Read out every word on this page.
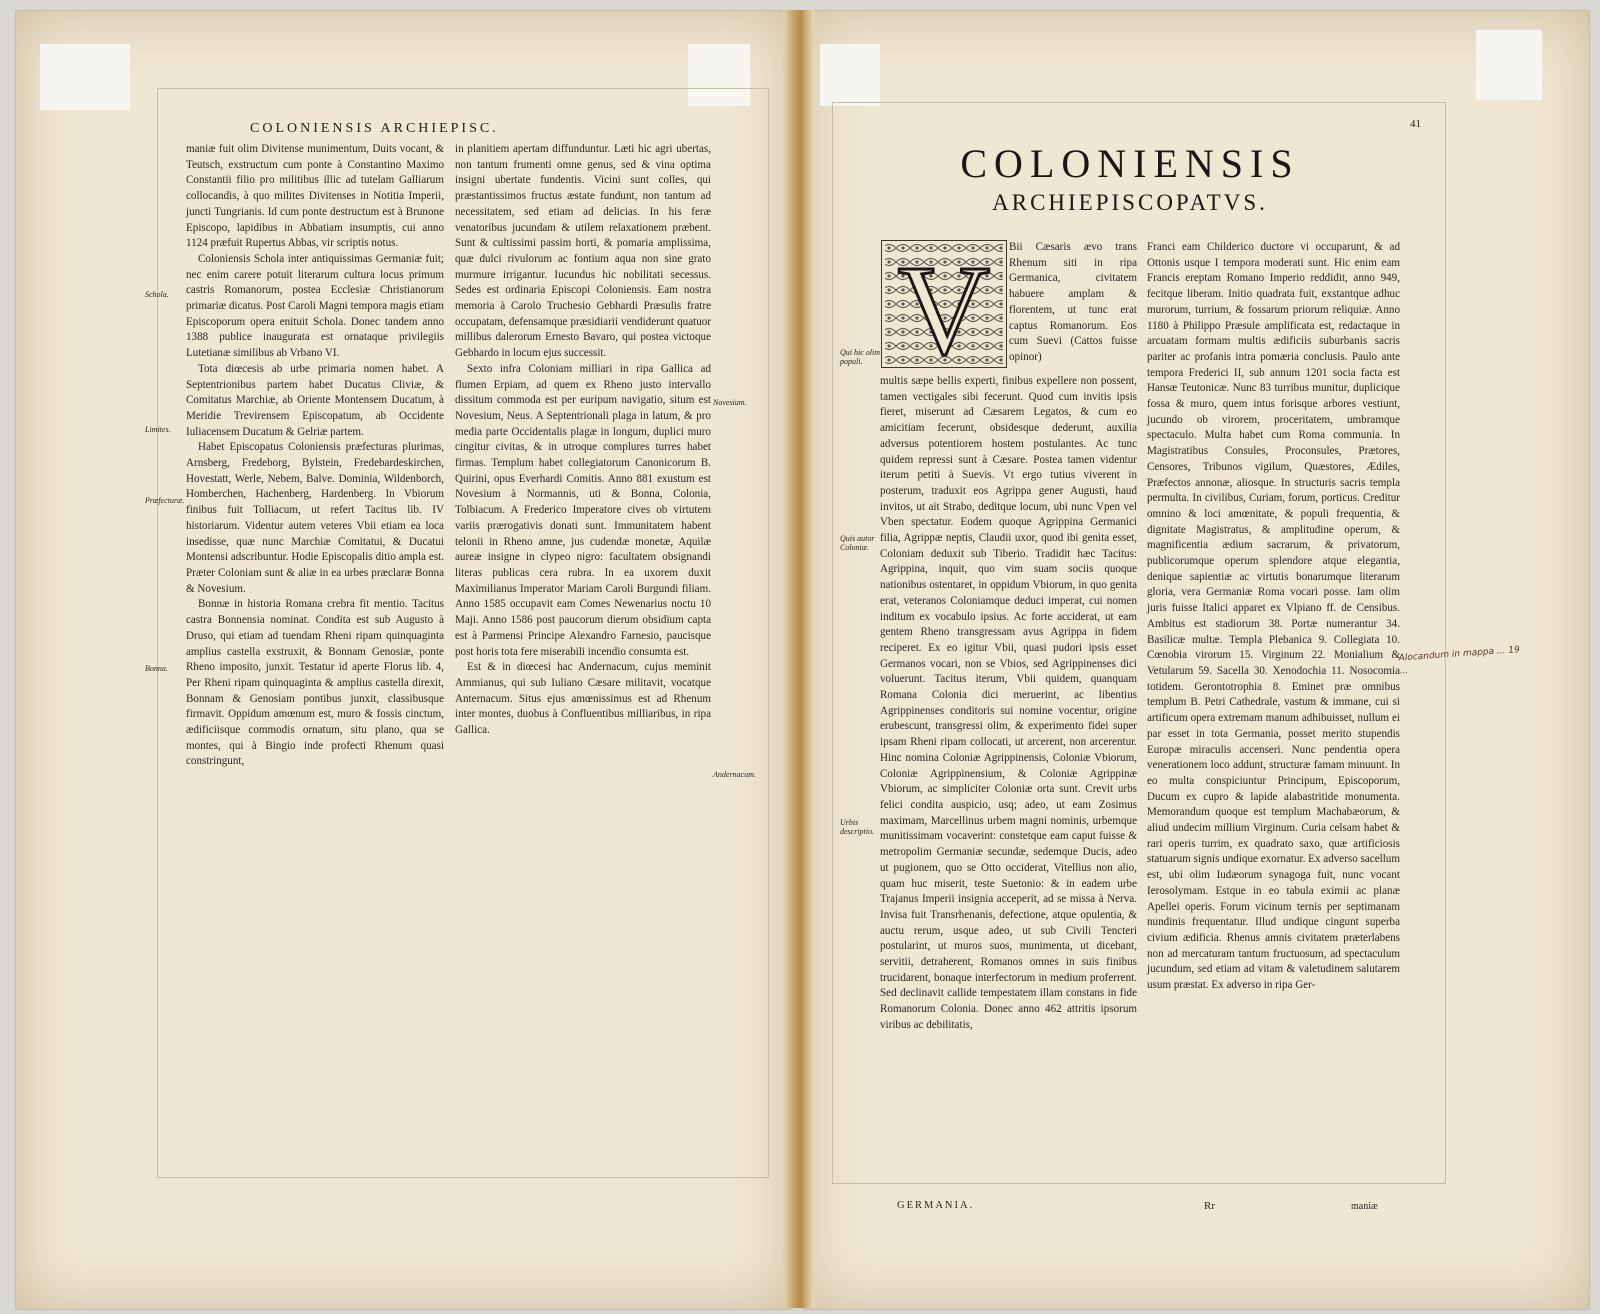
COLONIENSIS ARCHIEPISC.

maniæ fuit olim Divitense munimentum, Duits vocant, & Teutsch, exstructum cum ponte à Constantino Maximo Constantii filio pro militibus illic ad tutelam Galliarum collocandis, à quo milites Divitenses in Notitia Imperii, juncti Tungrianis. Id cum ponte destructum est à Brunone Episcopo, lapidibus in Abbatiam insumptis, cui anno 1124 præfuit Rupertus Abbas, vir scriptis notus.

Coloniensis Schola inter antiquissimas Germaniæ fuit; nec enim carere potuit literarum cultura locus primum castris Romanorum, postea Ecclesiæ Christianorum primariæ dicatus. Post Caroli Magni tempora magis etiam Episcoporum opera enituit Schola. Donec tandem anno 1388 publice inaugurata est ornataque privilegiis Lutetianæ similibus ab Vrbano VI.

Tota diœcesis ab urbe primaria nomen habet. A Septentrionibus partem habet Ducatus Cliviæ, & Comitatus Marchiæ, ab Oriente Montensem Ducatum, à Meridie Trevirensem Episcopatum, ab Occidente Iuliacensem Ducatum & Gelriæ partem.

Habet Episcopatus Coloniensis præfecturas plurimas, Arnsberg, Fredeborg, Bylstein, Fredebardeskirchen, Hovestatt, Werle, Nebem, Balve. Dominia, Wildenborch, Homberchen, Hachenberg, Hardenberg. In Vbiorum finibus fuit Tolliacum, ut refert Tacitus lib. IV historiarum. Videntur autem veteres Vbii etiam ea loca insedisse, quæ nunc Marchiæ Comitatui, & Ducatui Montensi adscribuntur. Hodie Episcopalis ditio ampla est. Præter Coloniam sunt & aliæ in ea urbes præclaræ Bonna & Novesium.

Bonnæ in historia Romana crebra fit mentio. Tacitus castra Bonnensia nominat. Condita est sub Augusto à Druso, qui etiam ad tuendam Rheni ripam quinquaginta amplius castella exstruxit, & Bonnam Genosiæ, ponte Rheno imposito, junxit. Testatur id aperte Florus lib. 4, Per Rheni ripam quinquaginta & amplius castella direxit, Bonnam & Genosiam pontibus junxit, classibusque firmavit. Oppidum amœnum est, muro & fossis cinctum, ædificiisque commodis ornatum, situ plano, qua se montes, qui à Bingio inde profecti Rhenum quasi constringunt,

in planitiem apertam diffunduntur. Læti hic agri ubertas, non tantum frumenti omne genus, sed & vina optima insigni ubertate fundentis. Vicini sunt colles, qui præstantissimos fructus æstate fundunt, non tantum ad necessitatem, sed etiam ad delicias. In his feræ venatoribus jucundam & utilem relaxationem præbent. Sunt & cultissimi passim horti, & pomaria amplissima, quæ dulci rivulorum ac fontium aqua non sine grato murmure irrigantur. Iucundus hic nobilitati secessus. Sedes est ordinaria Episcopi Coloniensis. Eam nostra memoria à Carolo Truchesio Gebhardi Præsulis fratre occupatam, defensamque præsidiarii vendiderunt quatuor millibus dalerorum Ernesto Bavaro, qui postea victoque Gebhardo in locum ejus successit.

Sexto infra Coloniam milliari in ripa Gallica ad flumen Erpiam, ad quem ex Rheno justo intervallo dissitum commoda est per euripum navigatio, situm est Novesium, Neus. A Septentrionali plaga in latum, & pro media parte Occidentalis plagæ in longum, duplici muro cingitur civitas, & in utroque complures turres habet firmas. Templum habet collegiatorum Canonicorum B. Quirini, opus Everhardi Comitis. Anno 881 exustum est Novesium à Normannis, uti & Bonna, Colonia, Tolbiacum. A Frederico Imperatore cives ob virtutem variis prærogativis donati sunt. Immunitatem habent telonii in Rheno amne, jus cudendæ monetæ, Aquilæ aureæ insigne in clypeo nigro: facultatem obsignandi literas publicas cera rubra. In ea uxorem duxit Maximilianus Imperator Mariam Caroli Burgundi filiam. Anno 1585 occupavit eam Comes Newenarius noctu 10 Maji. Anno 1586 post paucorum dierum obsidium capta est à Parmensi Principe Alexandro Farnesio, paucisque post horis tota fere miserabili incendio consumta est.

Est & in diœcesi hac Andernacum, cujus meminit Ammianus, qui sub Iuliano Cæsare militavit, vocatque Anternacum. Situs ejus amœnissimus est ad Rhenum inter montes, duobus à Confluentibus milliaribus, in ripa Gallica.

Schola.
Limites.
Præfecturæ.
Bonna.
Novesium.
Andernacum.
41
COLONIENSIS
ARCHIEPISCOPATVS.
V Bii Cæsaris ævo trans Rhenum siti in ripa Germanica, civitatem habuere amplam & florentem, ut tunc erat captus Romanorum. Eos cum Suevi (Cattos fuisse opinor)

multis sæpe bellis experti, finibus expellere non possent, tamen vectigales sibi fecerunt. Quod cum invitis ipsis fieret, miserunt ad Cæsarem Legatos, & cum eo amicitiam fecerunt, obsidesque dederunt, auxilia adversus potentiorem hostem postulantes. Ac tunc quidem repressi sunt à Cæsare. Postea tamen videntur iterum petiti à Suevis. Vt ergo tutius viverent in posterum, traduxit eos Agrippa gener Augusti, haud invitos, ut ait Strabo, deditque locum, ubi nunc Vpen vel Vben spectatur. Eodem quoque Agrippina Germanici filia, Agrippæ neptis, Claudii uxor, quod ibi genita esset, Coloniam deduxit sub Tiberio. Tradidit hæc Tacitus: Agrippina, inquit, quo vim suam sociis quoque nationibus ostentaret, in oppidum Vbiorum, in quo genita erat, veteranos Coloniamque deduci imperat, cui nomen inditum ex vocabulo ipsius. Ac forte acciderat, ut eam gentem Rheno transgressam avus Agrippa in fidem reciperet. Ex eo igitur Vbii, quasi pudori ipsis esset Germanos vocari, non se Vbios, sed Agrippinenses dici voluerunt. Tacitus iterum, Vbii quidem, quanquam Romana Colonia dici meruerint, ac libentius Agrippinenses conditoris sui nomine vocentur, origine erubescunt, transgressi olim, & experimento fidei super ipsam Rheni ripam collocati, ut arcerent, non arcerentur. Hinc nomina Coloniæ Agrippinensis, Coloniæ Vbiorum, Coloniæ Agrippinensium, & Coloniæ Agrippinæ Vbiorum, ac simpliciter Coloniæ orta sunt. Crevit urbs felici condita auspicio, usq; adeo, ut eam Zosimus maximam, Marcellinus urbem magni nominis, urbemque munitissimam vocaverint: constetque eam caput fuisse & metropolim Germaniæ secundæ, sedemque Ducis, adeo ut pugionem, quo se Otto occiderat, Vitellius non alio, quam huc miserit, teste Suetonio: & in eadem urbe Trajanus Imperii insignia acceperit, ad se missa à Nerva. Invisa fuit Transrhenanis, defectione, atque opulentia, & auctu rerum, usque adeo, ut sub Civili Tencteri postularint, ut muros suos, munimenta, ut dicebant, servitii, detraherent, Romanos omnes in suis finibus trucidarent, bonaque interfectorum in medium proferrent. Sed declinavit callide tempestatem illam constans in fide Romanorum Colonia. Donec anno 462 attritis ipsorum viribus ac debilitatis,

Franci eam Childerico ductore vi occuparunt, & ad Ottonis usque I tempora moderati sunt. Hic enim eam Francis ereptam Romano Imperio reddidit, anno 949, fecitque liberam. Initio quadrata fuit, exstantque adhuc murorum, turrium, & fossarum priorum reliquiæ. Anno 1180 à Philippo Præsule amplificata est, redactaque in arcuatam formam multis ædificiis suburbanis sacris pariter ac profanis intra pomæria conclusis. Paulo ante tempora Frederici II, sub annum 1201 socia facta est Hansæ Teutonicæ. Nunc 83 turribus munitur, duplicique fossa & muro, quem intus forisque arbores vestiunt, jucundo ob virorem, proceritatem, umbramque spectaculo. Multa habet cum Roma communia. In Magistratibus Consules, Proconsules, Prætores, Censores, Tribunos vigilum, Quæstores, Ædiles, Præfectos annonæ, aliosque. In structuris sacris templa permulta. In civilibus, Curiam, forum, porticus. Creditur omnino & loci amœnitate, & populi frequentia, & dignitate Magistratus, & amplitudine operum, & magnificentia ædium sacrarum, & privatorum, publicorumque operum splendore atque elegantia, denique sapientiæ ac virtutis bonarumque literarum gloria, vera Germaniæ Roma vocari posse. Iam olim juris fuisse Italici apparet ex Vlpiano ff. de Censibus. Ambitus est stadiorum 38. Portæ numerantur 34. Basilicæ multæ. Templa Plebanica 9. Collegiata 10. Cœnobia virorum 15. Virginum 22. Monialium & Vetularum 59. Sacella 30. Xenodochia 11. Nosocomia totidem. Gerontotrophia 8. Eminet præ omnibus templum B. Petri Cathedrale, vastum & immane, cui si artificum opera extremam manum adhibuisset, nullum ei par esset in tota Germania, posset merito stupendis Europæ miraculis accenseri. Nunc pendentia opera venerationem loco addunt, structuræ famam minuunt. In eo multa conspiciuntur Principum, Episcoporum, Ducum ex cupro & lapide alabastritide monumenta. Memorandum quoque est templum Machabæorum, & aliud undecim millium Virginum. Curia celsam habet & rari operis turrim, ex quadrato saxo, quæ artificiosis statuarum signis undique exornatur. Ex adverso sacellum est, ubi olim Iudæorum synagoga fuit, nunc vocant Ierosolymam. Estque in eo tabula eximii ac planæ Apellei operis. Forum vicinum ternis per septimanam nundinis frequentatur. Illud undique cingunt superba civium ædificia. Rhenus amnis civitatem præterlabens non ad mercaturam tantum fructuosum, ad spectaculum jucundum, sed etiam ad vitam & valetudinem salutarem usum præstat. Ex adverso in ripa Ger-

Qui hic olim populi.
Quis autor Coloniæ.
Urbis descriptio.
GERMANIA.	Rr	maniæ
Alocandum in mappa ... 19 ...
